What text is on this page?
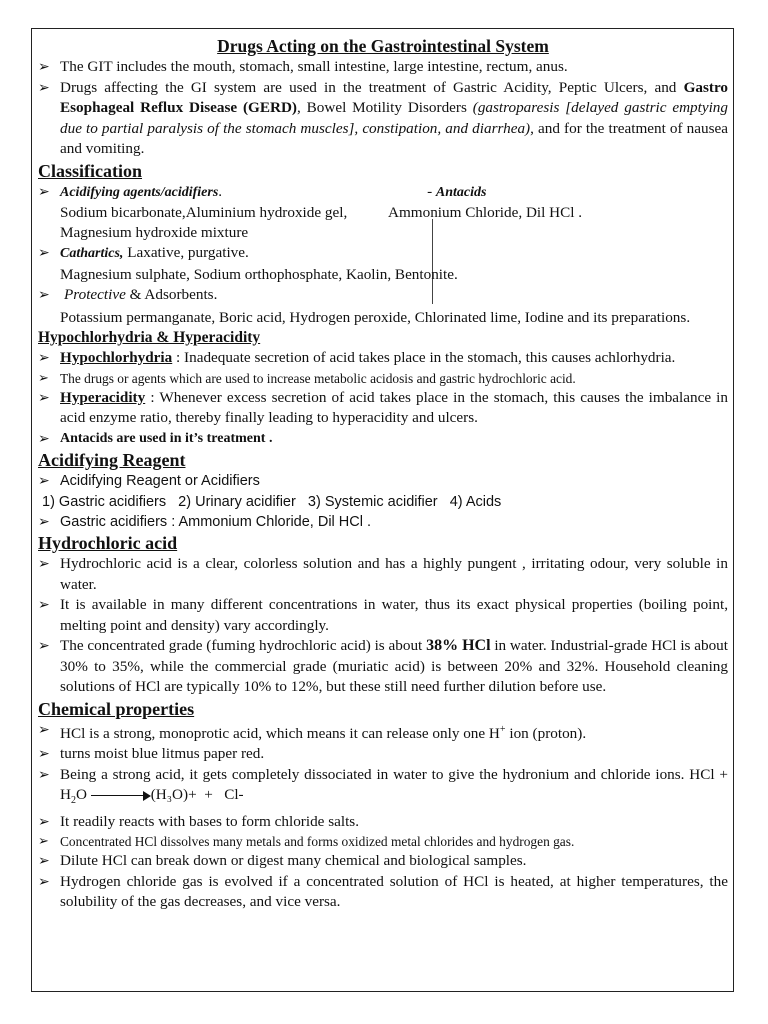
Drugs Acting on the Gastrointestinal System
➢ The GIT includes the mouth, stomach, small intestine, large intestine, rectum, anus.
➢ Drugs affecting the GI system are used in the treatment of Gastric Acidity, Peptic Ulcers, and Gastro Esophageal Reflux Disease (GERD), Bowel Motility Disorders (gastroparesis [delayed gastric emptying due to partial paralysis of the stomach muscles], constipation, and diarrhea), and for the treatment of nausea and vomiting.
Classification
➢ Acidifying agents/acidifiers.	- Antacids
Sodium bicarbonate,Aluminium hydroxide gel, Magnesium hydroxide mixture
Ammonium Chloride, Dil HCl .
➢ Cathartics, Laxative, purgative.
Magnesium sulphate, Sodium orthophosphate, Kaolin, Bentonite.
➢ Protective & Adsorbents.
Potassium permanganate, Boric acid, Hydrogen peroxide, Chlorinated lime, Iodine and its preparations.
Hypochlorhydria & Hyperacidity
➢ Hypochlorhydria : Inadequate secretion of acid takes place in the stomach, this causes achlorhydria.
➢ The drugs or agents which are used to increase metabolic acidosis and gastric hydrochloric acid.
➢ Hyperacidity : Whenever excess secretion of acid takes place in the stomach, this causes the imbalance in acid enzyme ratio, thereby finally leading to hyperacidity and ulcers.
➢ Antacids are used in it’s treatment .
Acidifying Reagent
➢ Acidifying Reagent or Acidifiers
1) Gastric acidifiers   2) Urinary acidifier   3) Systemic acidifier   4) Acids
➢ Gastric acidifiers : Ammonium Chloride, Dil HCl .
Hydrochloric acid
➢ Hydrochloric acid is a clear, colorless solution and has a highly pungent , irritating odour, very soluble in water.
➢ It is available in many different concentrations in water, thus its exact physical properties (boiling point, melting point and density) vary accordingly.
➢ The concentrated grade (fuming hydrochloric acid) is about 38% HCl in water. Industrial-grade HCl is about 30% to 35%, while the commercial grade (muriatic acid) is between 20% and 32%. Household cleaning solutions of HCl are typically 10% to 12%, but these still need further dilution before use.
Chemical properties
➢ HCl is a strong, monoprotic acid, which means it can release only one H+ ion (proton).
➢ turns moist blue litmus paper red.
➢ Being a strong acid, it gets completely dissociated in water to give the hydronium and chloride ions. HCl + $H_2O$	(H₃O)+  +   Cl-
➢ It readily reacts with bases to form chloride salts.
➢ Concentrated HCl dissolves many metals and forms oxidized metal chlorides and hydrogen gas.
➢ Dilute HCl can break down or digest many chemical and biological samples.
➢ Hydrogen chloride gas is evolved if a concentrated solution of HCl is heated, at higher temperatures, the solubility of the gas decreases, and vice versa.
